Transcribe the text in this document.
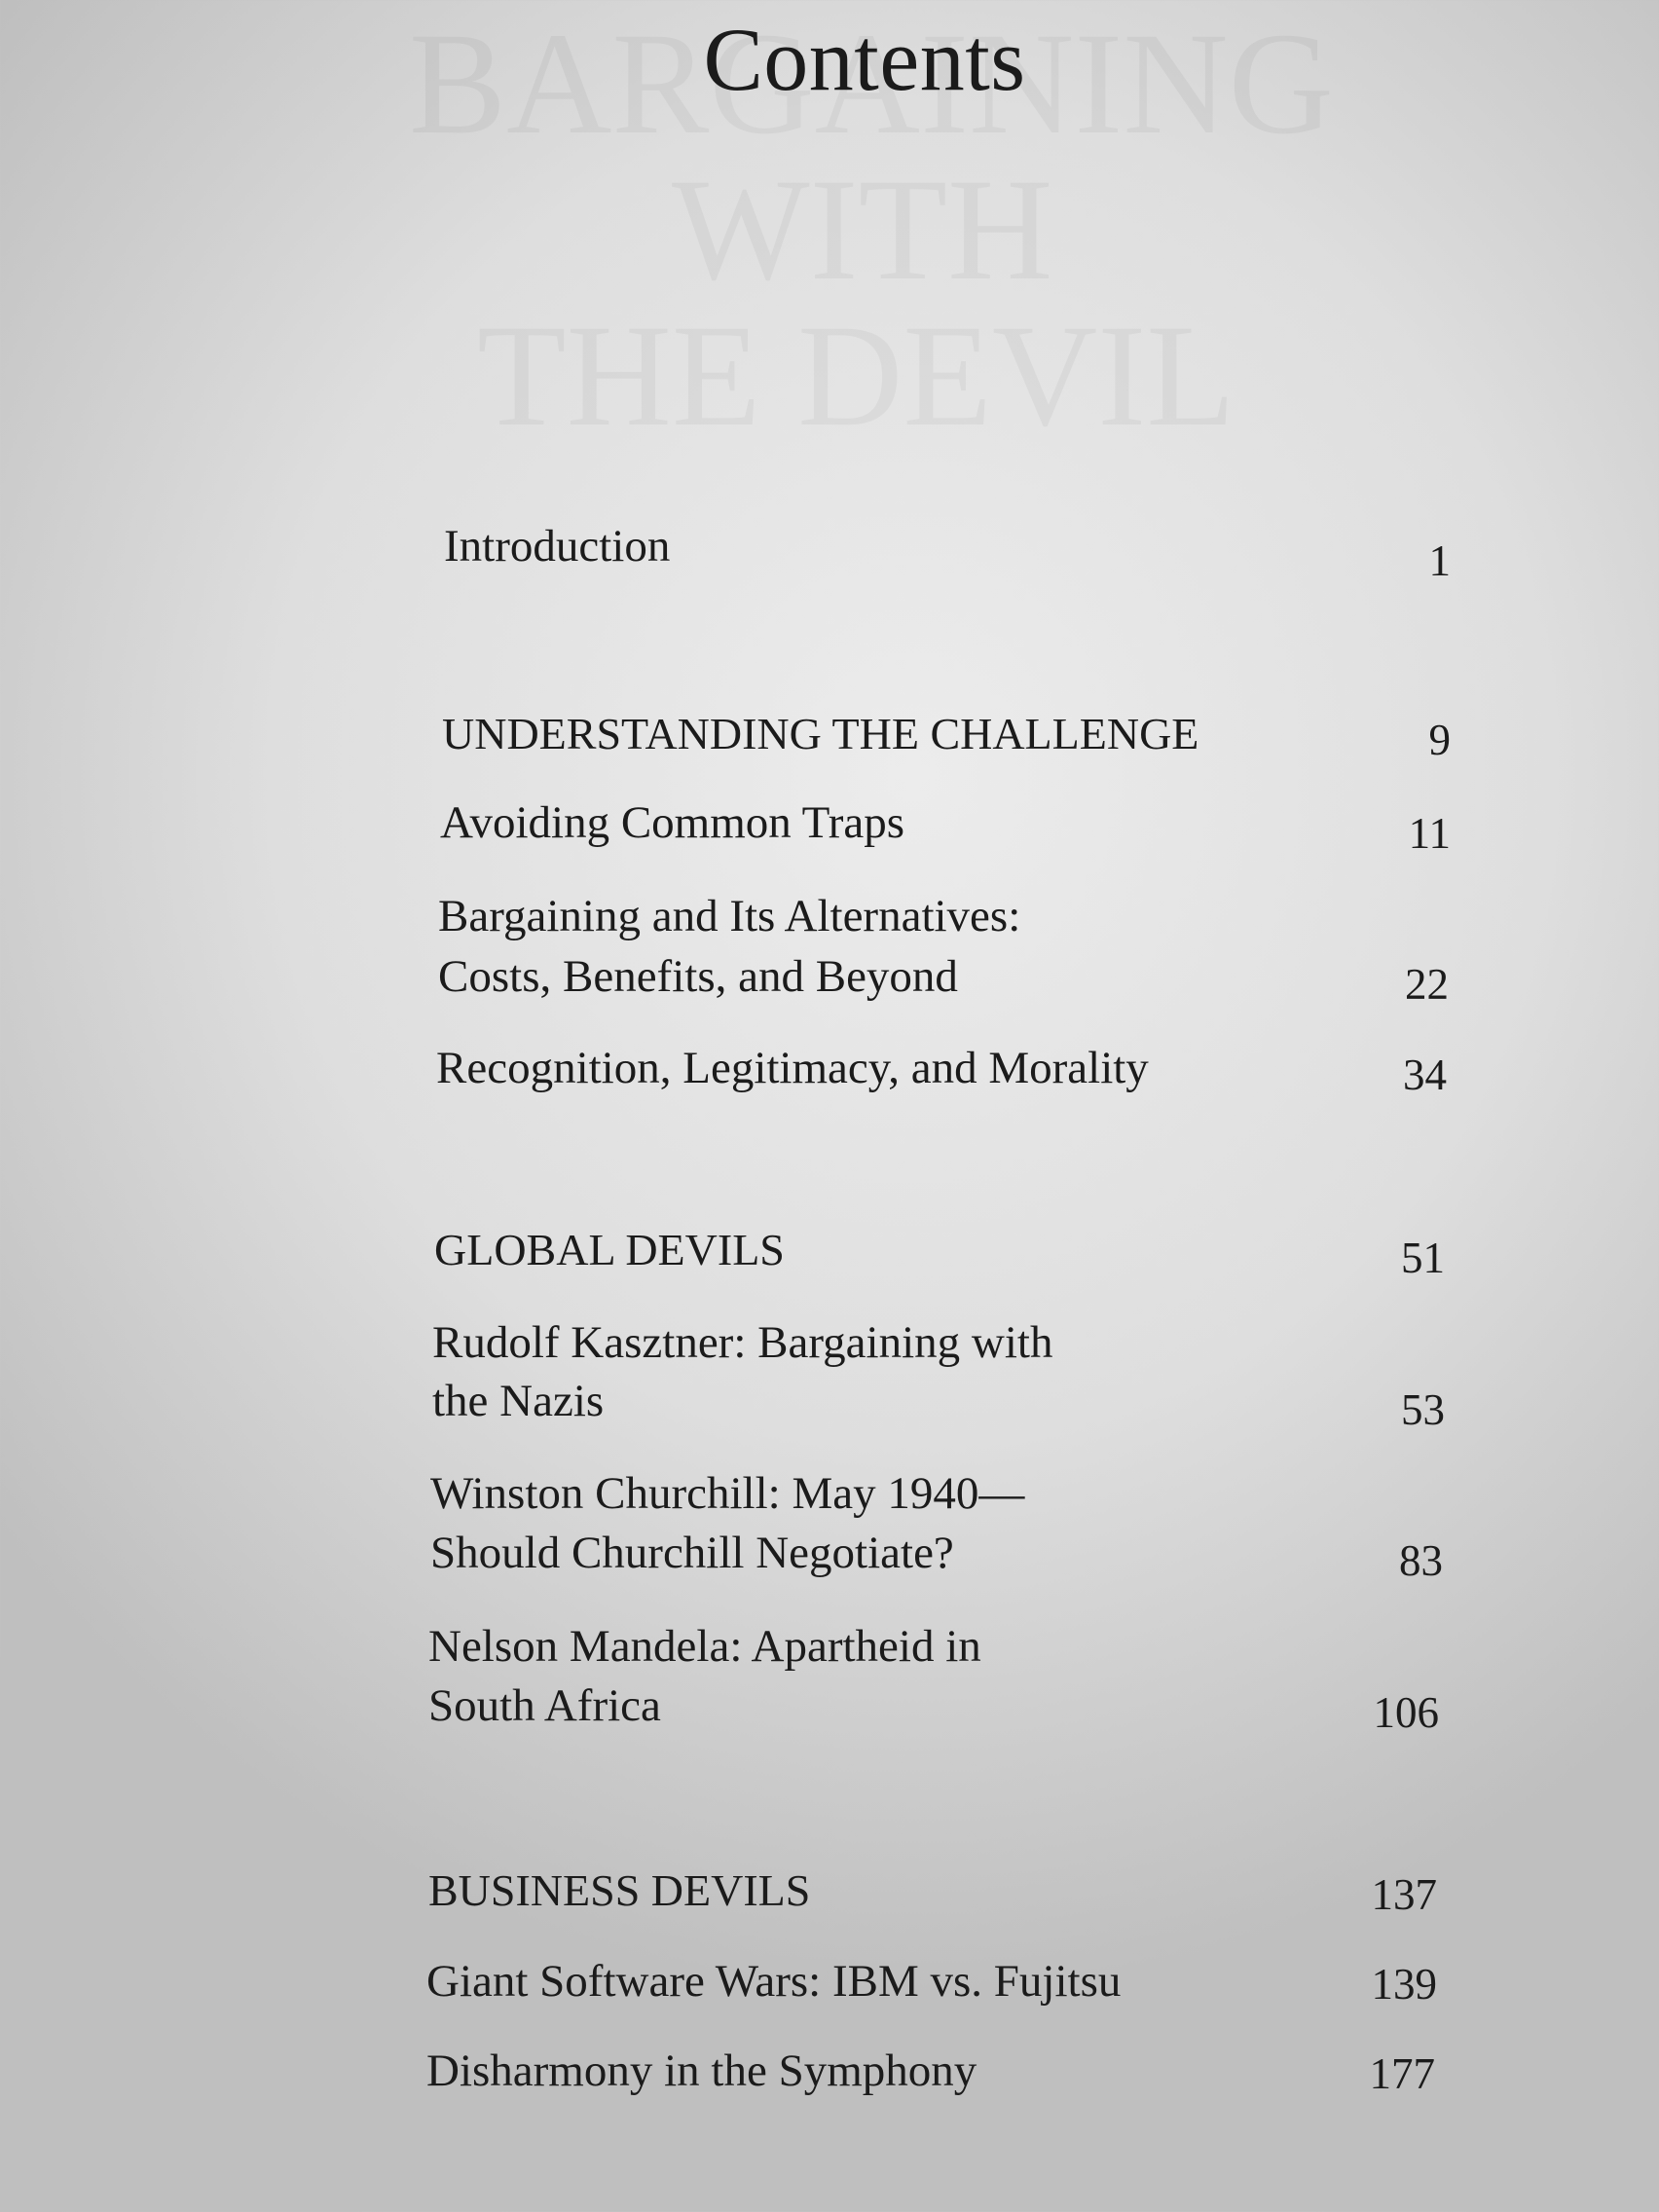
Contents
Introduction	1
UNDERSTANDING THE CHALLENGE	9
Avoiding Common Traps	11
Bargaining and Its Alternatives:
Costs, Benefits, and Beyond	22
Recognition, Legitimacy, and Morality	34
GLOBAL DEVILS	51
Rudolf Kasztner: Bargaining with
the Nazis	53
Winston Churchill: May 1940—
Should Churchill Negotiate?	83
Nelson Mandela: Apartheid in
South Africa	106
BUSINESS DEVILS	137
Giant Software Wars: IBM vs. Fujitsu	139
Disharmony in the Symphony	177
